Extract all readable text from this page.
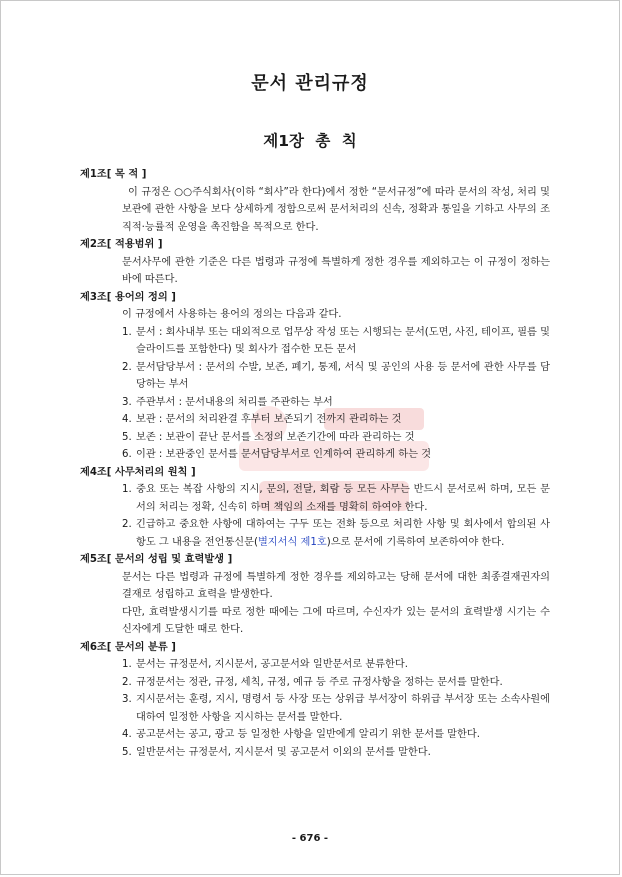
문서 관리규정
제1장 총 칙

제1조[ 목 적 ]

이 규정은 ○○주식회사(이하 “회사”라 한다)에서 정한 “문서규정”에 따라 문서의 작성, 처리 및 보관에 관한 사항을 보다 상세하게 정함으로써 문서처리의 신속, 정확과 통일을 기하고 사무의 조직적·능률적 운영을 촉진함을 목적으로 한다.

제2조[ 적용범위 ]

문서사무에 관한 기준은 다른 법령과 규정에 특별하게 정한 경우를 제외하고는 이 규정이 정하는 바에 따른다.

제3조[ 용어의 정의 ]

이 규정에서 사용하는 용어의 정의는 다음과 같다.

1. 문서 : 회사내부 또는 대외적으로 업무상 작성 또는 시행되는 문서(도면, 사진, 테이프, 필름 및 슬라이드를 포함한다) 및 회사가 접수한 모든 문서
2. 문서담당부서 : 문서의 수발, 보존, 폐기, 통제, 서식 및 공인의 사용 등 문서에 관한 사무를 담당하는 부서
3. 주관부서 : 문서내용의 처리를 주관하는 부서
4. 보관 : 문서의 처리완결 후부터 보존되기 전까지 관리하는 것
5. 보존 : 보관이 끝난 문서를 소정의 보존기간에 따라 관리하는 것
6. 이관 : 보관중인 문서를 문서담당부서로 인계하여 관리하게 하는 것

제4조[ 사무처리의 원칙 ]

1. 중요 또는 복잡 사항의 지시, 문의, 전달, 회람 등 모든 사무는 반드시 문서로써 하며, 모든 문서의 처리는 정확, 신속히 하며 책임의 소재를 명확히 하여야 한다.
2. 긴급하고 중요한 사항에 대하여는 구두 또는 전화 등으로 처리한 사항 및 회사에서 합의된 사항도 그 내용을 전언통신문(별지서식 제1호)으로 문서에 기록하여 보존하여야 한다.

제5조[ 문서의 성립 및 효력발생 ]

문서는 다른 법령과 규정에 특별하게 정한 경우를 제외하고는 당해 문서에 대한 최종결재권자의 결재로 성립하고 효력을 발생한다.

다만, 효력발생시기를 따로 정한 때에는 그에 따르며, 수신자가 있는 문서의 효력발생 시기는 수신자에게 도달한 때로 한다.

제6조[ 문서의 분류 ]

1. 문서는 규정문서, 지시문서, 공고문서와 일반문서로 분류한다.
2. 규정문서는 정관, 규정, 세칙, 규정, 예규 등 주로 규정사항을 정하는 문서를 말한다.
3. 지시문서는 훈령, 지시, 명령서 등 사장 또는 상위급 부서장이 하위급 부서장 또는 소속사원에 대하여 일정한 사항을 지시하는 문서를 말한다.
4. 공고문서는 공고, 광고 등 일정한 사항을 일반에게 알리기 위한 문서를 말한다.
5. 일반문서는 규정문서, 지시문서 및 공고문서 이외의 문서를 말한다.
- 676 -
